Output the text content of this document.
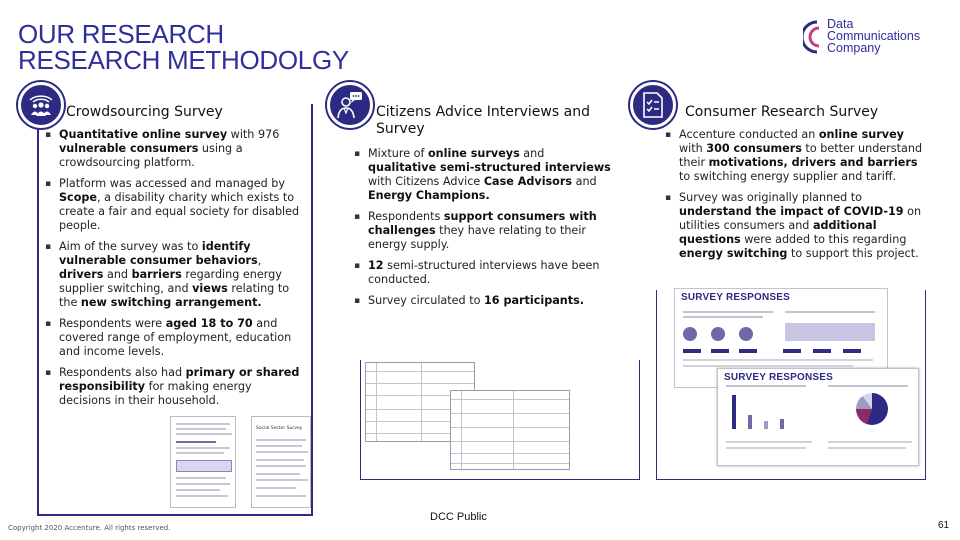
OUR RESEARCH
RESEARCH METHODOLGY
Data
Communications
Company
Crowdsourcing Survey
▪ Quantitative online survey with 976 vulnerable consumers using a crowdsourcing platform.
▪ Platform was accessed and managed by Scope, a disability charity which exists to create a fair and equal society for disabled people.
▪ Aim of the survey was to identify vulnerable consumer behaviors, drivers and barriers regarding energy supplier switching, and views relating to the new switching arrangement.
▪ Respondents were aged 18 to 70 and covered range of employment, education and income levels.
▪ Respondents also had primary or shared responsibility for making energy decisions in their household.
Social Sector Survey
Citizens Advice Interviews and Survey
▪ Mixture of online surveys and qualitative semi-structured interviews with Citizens Advice Case Advisors and Energy Champions.
▪ Respondents support consumers with challenges they have relating to their energy supply.
▪ 12 semi-structured interviews have been conducted.
▪ Survey circulated to 16 participants.
Consumer Research Survey
▪ Accenture conducted an online survey with 300 consumers to better understand their motivations, drivers and barriers to switching energy supplier and tariff.
▪ Survey was originally planned to understand the impact of COVID-19 on utilities consumers and additional questions were added to this regarding energy switching to support this project.
SURVEY RESPONSES
SURVEY RESPONSES
Copyright 2020 Accenture. All rights reserved.
DCC Public
61
